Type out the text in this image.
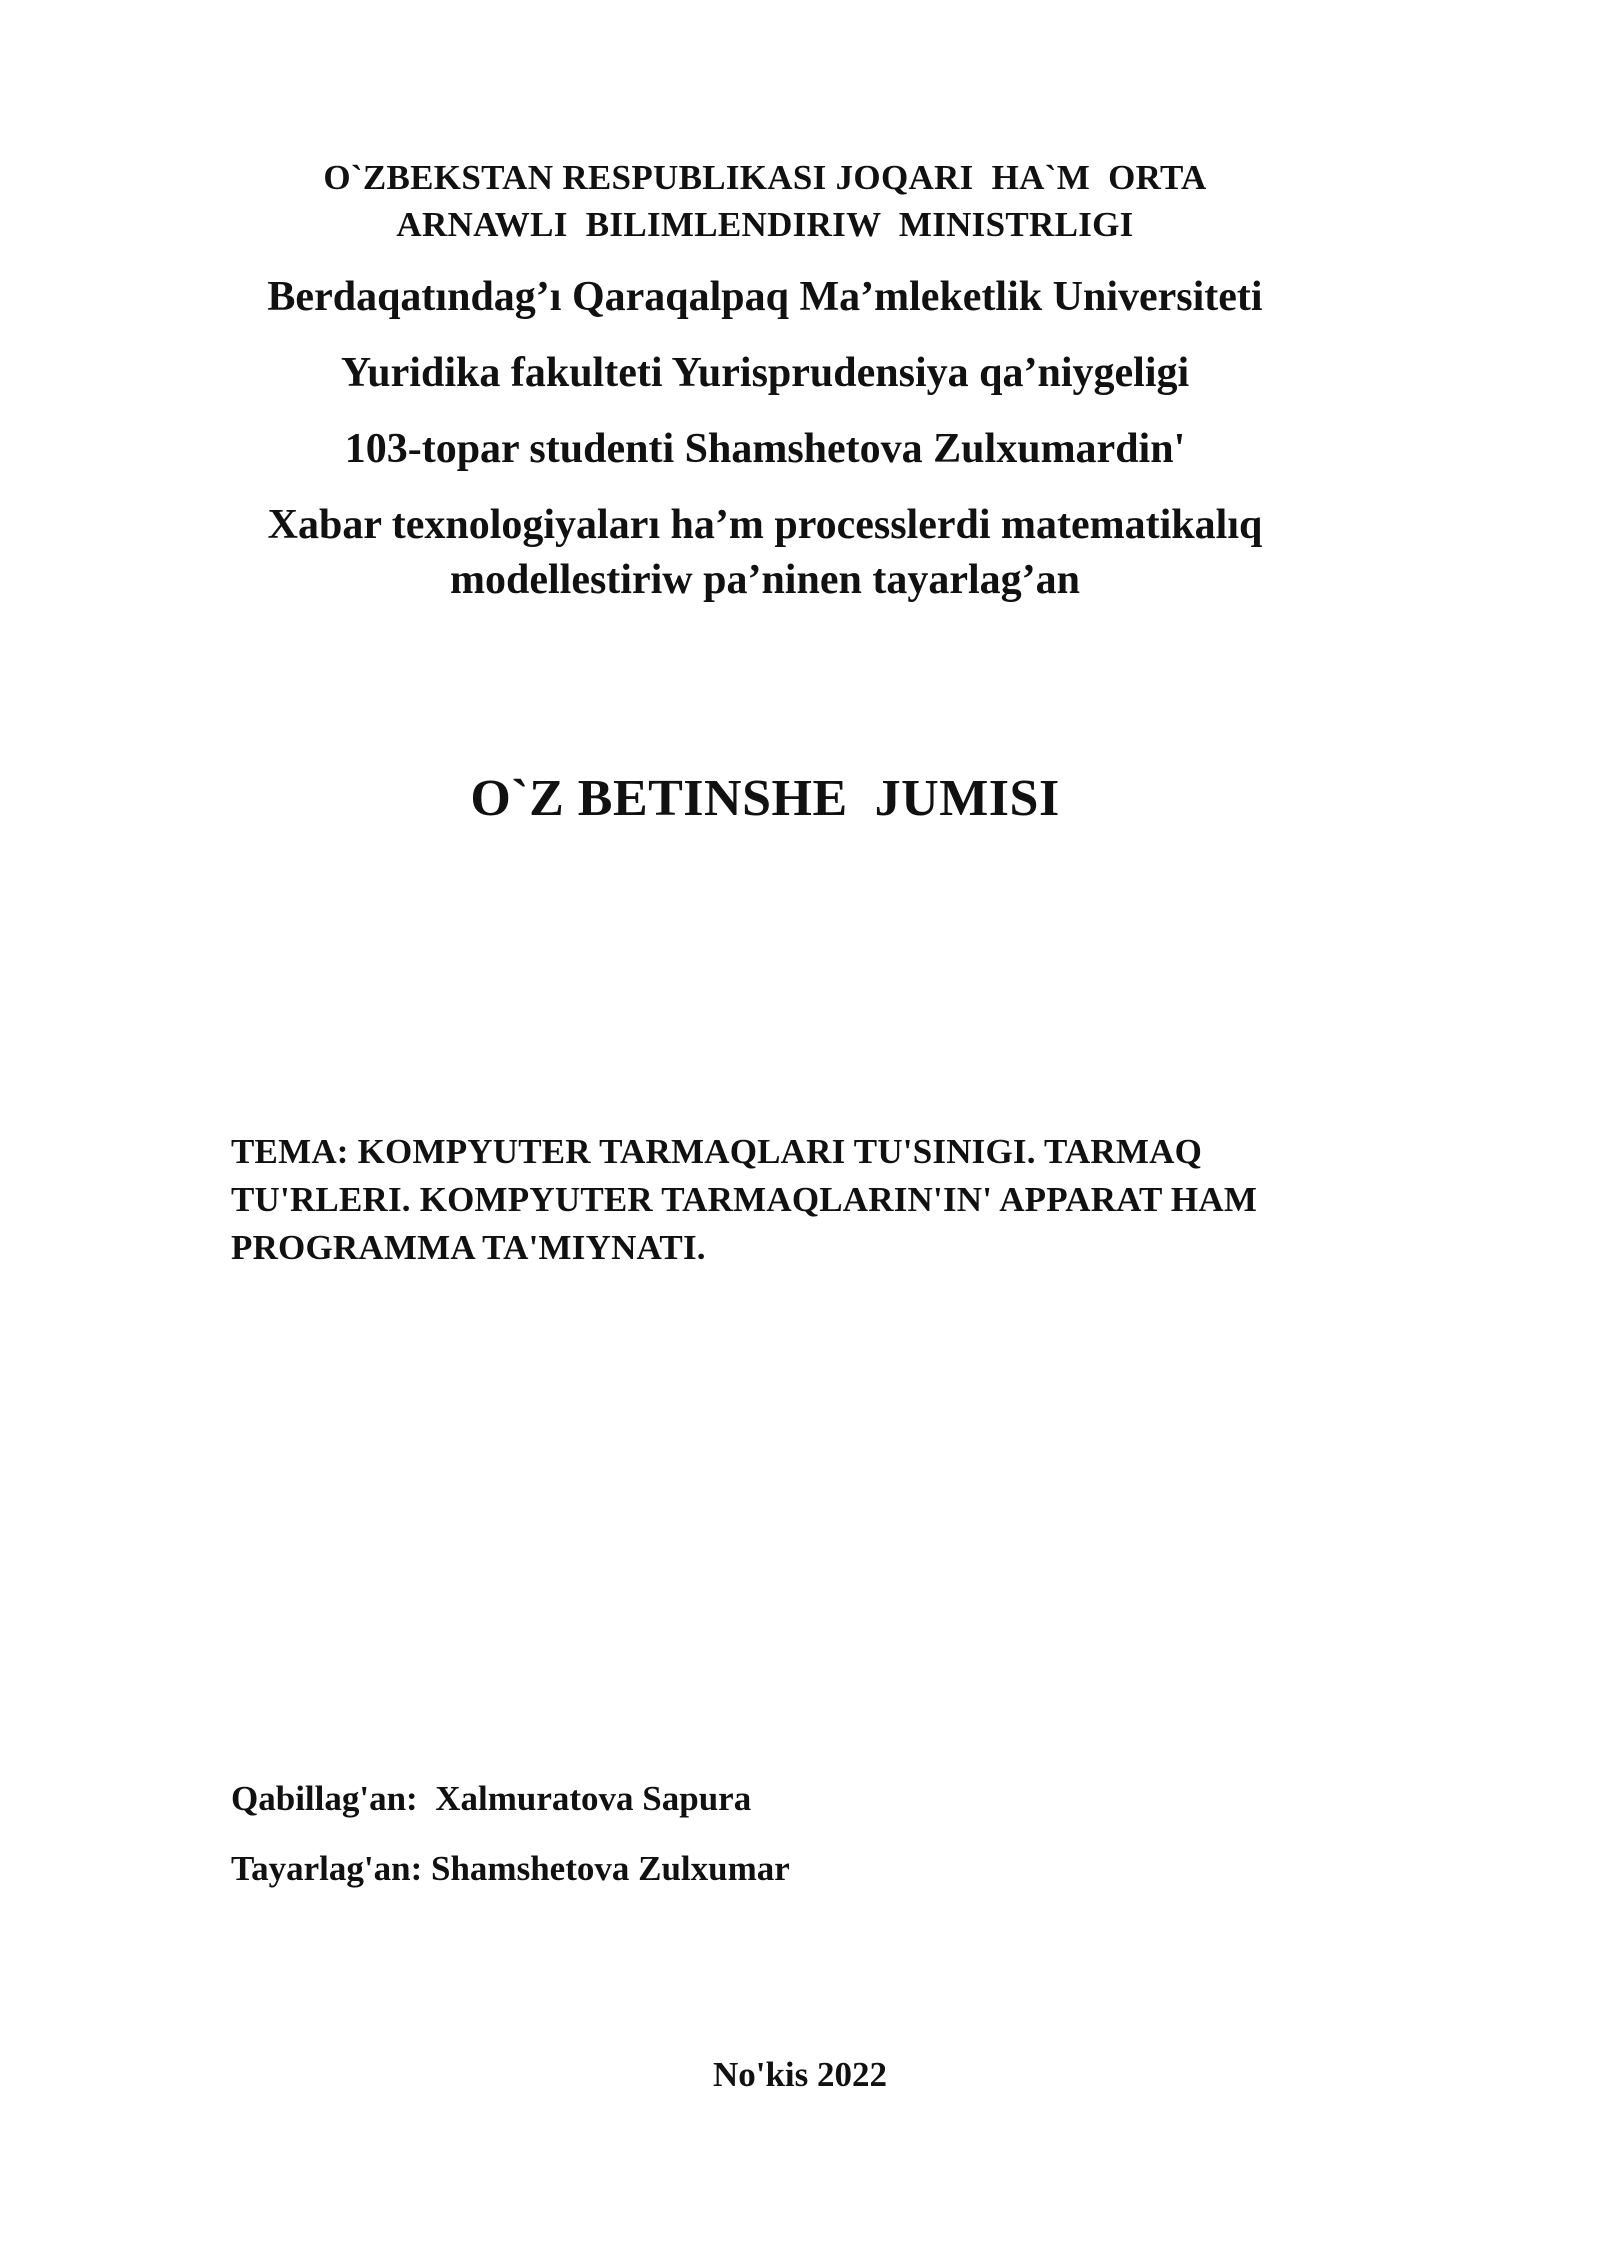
O`ZBEKSTAN RESPUBLIKASI JOQARI  HA`M  ORTA
ARNAWLI  BILIMLENDIRIW  MINISTRLIGI
Berdaqatındag’ı Qaraqalpaq Ma’mleketlik Universiteti
Yuridika fakulteti Yurisprudensiya qa’niygeligi
103-topar studenti Shamshetova Zulxumardin'
Xabar texnologiyaları ha’m processlerdi matematikalıq
modellestiriw pa’ninen tayarlag’an
O`Z BETINSHE  JUMISI
TEMA: KOMPYUTER TARMAQLARI TU'SINIGI. TARMAQ
TU'RLERI. KOMPYUTER TARMAQLARIN'IN' APPARAT HAM
PROGRAMMA TA'MIYNATI.
Qabillag'an:  Xalmuratova Sapura
Tayarlag'an: Shamshetova Zulxumar
No'kis 2022
